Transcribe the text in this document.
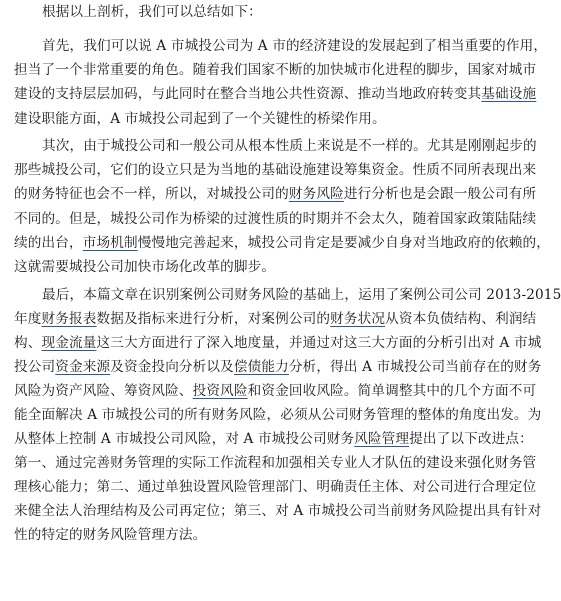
根据以上剖析，我们可以总结如下：
首先，我们可以说 A 市城投公司为 A 市的经济建设的发展起到了相当重要的作用，
担当了一个非常重要的角色。随着我们国家不断的加快城市化进程的脚步，国家对城市
建设的支持层层加码，与此同时在整合当地公共性资源、推动当地政府转变其基础设施
建设职能方面，A 市城投公司起到了一个关键性的桥梁作用。
其次，由于城投公司和一般公司从根本性质上来说是不一样的。尤其是刚刚起步的
那些城投公司，它们的设立只是为当地的基础设施建设筹集资金。性质不同所表现出来
的财务特征也会不一样，所以，对城投公司的财务风险进行分析也是会跟一般公司有所
不同的。但是，城投公司作为桥梁的过渡性质的时期并不会太久，随着国家政策陆陆续
续的出台，市场机制慢慢地完善起来，城投公司肯定是要减少自身对当地政府的依赖的，
这就需要城投公司加快市场化改革的脚步。
最后，本篇文章在识别案例公司财务风险的基础上，运用了案例公司公司 2013-2015
年度财务报表数据及指标来进行分析，对案例公司的财务状况从资本负债结构、利润结
构、现金流量这三大方面进行了深入地度量，并通过对这三大方面的分析引出对 A 市城
投公司资金来源及资金投向分析以及偿债能力分析，得出 A 市城投公司当前存在的财务
风险为资产风险、筹资风险、投资风险和资金回收风险。简单调整其中的几个方面不可
能全面解决 A 市城投公司的所有财务风险，必须从公司财务管理的整体的角度出发。为
从整体上控制 A 市城投公司风险，对 A 市城投公司财务风险管理提出了以下改进点：
第一、通过完善财务管理的实际工作流程和加强相关专业人才队伍的建设来强化财务管
理核心能力；第二、通过单独设置风险管理部门、明确责任主体、对公司进行合理定位
来健全法人治理结构及公司再定位；第三、对 A 市城投公司当前财务风险提出具有针对
性的特定的财务风险管理方法。
